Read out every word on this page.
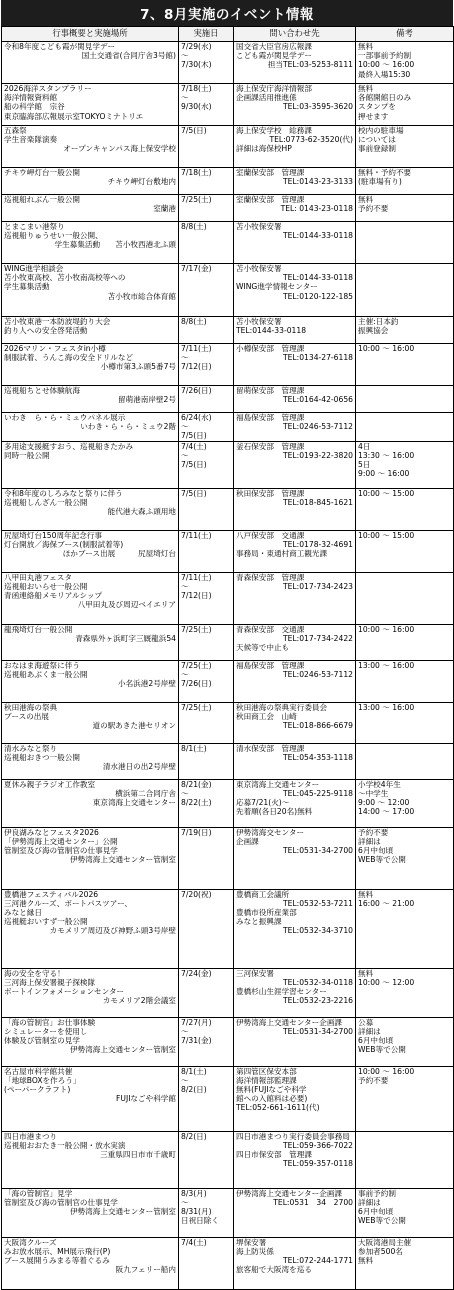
7、8月実施のイベント情報
行事概要と実施場所	実施日	問い合わせ先	備考

令和8年度こども霞が関見学デー
国土交通省(合同庁舎3号館)	7/29(水)
〜
7/30(木)	国交省大臣官房広報課
こども霞が関見学デー
担当TEL:03-5253-8111	無料
一部事前予約制
10:00 〜 16:00
最終入場15:30

2026海洋スタンプラリー
海洋情報資料館
船の科学館　宗谷
東京臨海部広報展示室TOKYOミナトリエ	7/18(土)
〜
9/30(水)	海上保安庁海洋情報部
企画課活用推進係
TEL:03-3595-3620	無料
各館開館日のみ
スタンプを
押せます

五森祭
学生音楽隊演奏
オープンキャンパス海上保安学校	7/5(日)	海上保安学校　総務課
TEL:0773-62-3520(代)
詳細は海保校HP	校内の駐車場
については
事前登録制

チキウ岬灯台一般公開
チキウ岬灯台敷地内	7/18(土)	室蘭保安部　管理課
TEL:0143-23-3133	無料・予約不要
(駐車場有り)

巡視船れぶん一般公開
室蘭港	7/25(土)	室蘭保安部　管理課
TEL: 0143-23-0118	無料
予約不要

とまこまい港祭り
巡視船りゅうせい一般公開、
学生募集活動　　苫小牧西港北ふ頭	8/8(土)	苫小牧保安署
TEL:0144-33-0118	

WING進学相談会
苫小牧東高校、苫小牧南高校等への
学生募集活動
苫小牧市総合体育館	7/17(金)	苫小牧保安署
TEL:0144-33-0118
WING進学情報センター
TEL:0120-122-185	

苫小牧東港一本防波堤釣り大会
釣り人への安全啓発活動	8/8(土)	苫小牧保安署
TEL:0144-33-0118	主催:日本釣
振興協会

2026マリン・フェスタin小樽
制服試着、うんこ海の安全ドリルなど
小樽市第3ふ頭5番7号	7/11(土)
〜
7/12(日)	小樽保安部　管理課
TEL:0134-27-6118	10:00 〜 16:00

巡視船ちとせ体験航海
留萌港南岸壁2号	7/26(日)	留萌保安部　管理課
TEL:0164-42-0656	

いわき　ら・ら・ミュウパネル展示
いわき・ら・ら・ミュウ2階	6/24(水)
〜
7/5(日)	福島保安部　管理課
TEL:0246-53-7112	

多用途支援艇すおう、巡視船きたかみ
同時一般公開	7/4(土)
〜
7/5(日)	釜石保安部　管理課
TEL:0193-22-3820	4日
13:30 〜 16:00
5日
9:00 〜 16:00

令和8年度のしろみなと祭りに伴う
巡視船しんざん一般公開
能代港大森ふ頭用地	7/5(日)	秋田保安部　管理課
TEL:018-845-1621	10:00 〜 15:00

尻屋埼灯台150周年記念行事
灯台開放／海保ブース(制服試着等)
ほかブース出展　　　尻屋埼灯台	7/11(土)	八戸保安部　交通課
TEL:0178-32-4691
事務局・東通村商工観光課	10:00 〜 15:00

八甲田丸港フェスタ
巡視船おいらせ一般公開
青函連絡船メモリアルシップ
八甲田丸及び周辺ベイエリア	7/11(土)
〜
7/12(日)	青森保安部　管理課
TEL:017-734-2423	

龍飛埼灯台一般公開
青森県外ヶ浜町字三厩龍浜54	7/25(土)	青森保安部　交通課
TEL:017-734-2422
天候等で中止も	10:00 〜 16:00

おなはま海遊祭に伴う
巡視船あぶくま一般公開
小名浜港2号岸壁	7/25(土)
〜
7/26(日)	福島保安部　管理課
TEL:0246-53-7112	13:00 〜 16:00

秋田港海の祭典
ブースの出展
道の駅あきた港セリオン	7/25(土)	秋田港海の祭典実行委員会
秋田商工会　山崎
TEL:018-866-6679	13:00 〜 16:00

清水みなと祭り
巡視船おきつ一般公開
清水港日の出2号岸壁	8/1(土)	清水保安部　管理課
TEL:054-353-1118	

夏休み親子ラジオ工作教室
横浜第二合同庁舎
東京湾海上交通センター	8/21(金)
〜
8/22(土)	東京湾海上交通センター
TEL:045-225-9118
応募7/21(火)〜
先着順(各日20名)無料	小学校4年生
〜中学生
9:00 〜 12:00
14:00 〜 17:00

伊良湖みなとフェスタ2026
「伊勢湾海上交通センター」公開
管制室及び海の管制官の仕事見学
伊勢湾海上交通センター管制室	7/19(日)	伊勢湾海交センター
企画課
TEL:0531-34-2700	予約不要
詳細は
6月中旬頃
WEB等で公開

豊橋港フェスティバル2026
三河港クルーズ、ボートパスツアー、
みなと縁日
巡視艇おいすず一般公開
カモメリア周辺及び神野ふ頭3号岸壁	7/20(祝)	豊橋商工会議所
TEL:0532-53-7211
豊橋市役所産業部
みなと振興課
TEL:0532-34-3710	無料
16:00 〜 21:00

海の安全を守る！
三河海上保安署親子探検隊
ボートインフォメーションセンター
カモメリア2階会議室	7/24(金)	三河保安署
TEL:0532-34-0118
豊橋杉山生涯学習センター
TEL:0532-23-2216	無料
10:00 〜 12:00

「海の管制官」お仕事体験
シミュレーターを使用し
体験及び管制室の見学
伊勢湾海上交通センター管制室	7/27(月)
〜
7/31(金)	伊勢湾海上交通センター企画課
TEL:0531-34-2700	公募
詳細は
6月中旬頃
WEB等で公開

名古屋市科学館共催
「地球BOXを作ろう」
(ペーパークラフト)
FUJIなごや科学館	8/1(土)
〜
8/2(日)	第四管区保安本部
海洋情報部監理課
無料(FUJIなごや科学
館への入館料は必要)
TEL:052-661-1611(代)	10:00 〜 16:00
予約不要

四日市港まつり
巡視船おおたき一般公開・放水実演
三重県四日市市千歳町	8/2(日)	四日市港まつり実行委員会事務局
TEL:059-366-7022
四日市保安部　管理課
TEL:059-357-0118	

「海の管制官」見学
管制室及び海の管制官の仕事見学
伊勢湾海上交通センター管制室	8/3(月)
〜
8/31(月)
日祝日除く	伊勢湾海上交通センター企画課
TEL:0531　34　2700	事前予約制
詳細は
6月中旬頃
WEB等で公開

大阪湾クルーズ
みお放水展示、MH展示飛行(P)
ブース展開うみまる等着ぐるみ
阪九フェリー船内	7/4(土)	堺保安署
海上防災係
TEL:072-244-1771
旅客船で大阪湾を巡る	大阪湾港局主催
参加者500名
無料
